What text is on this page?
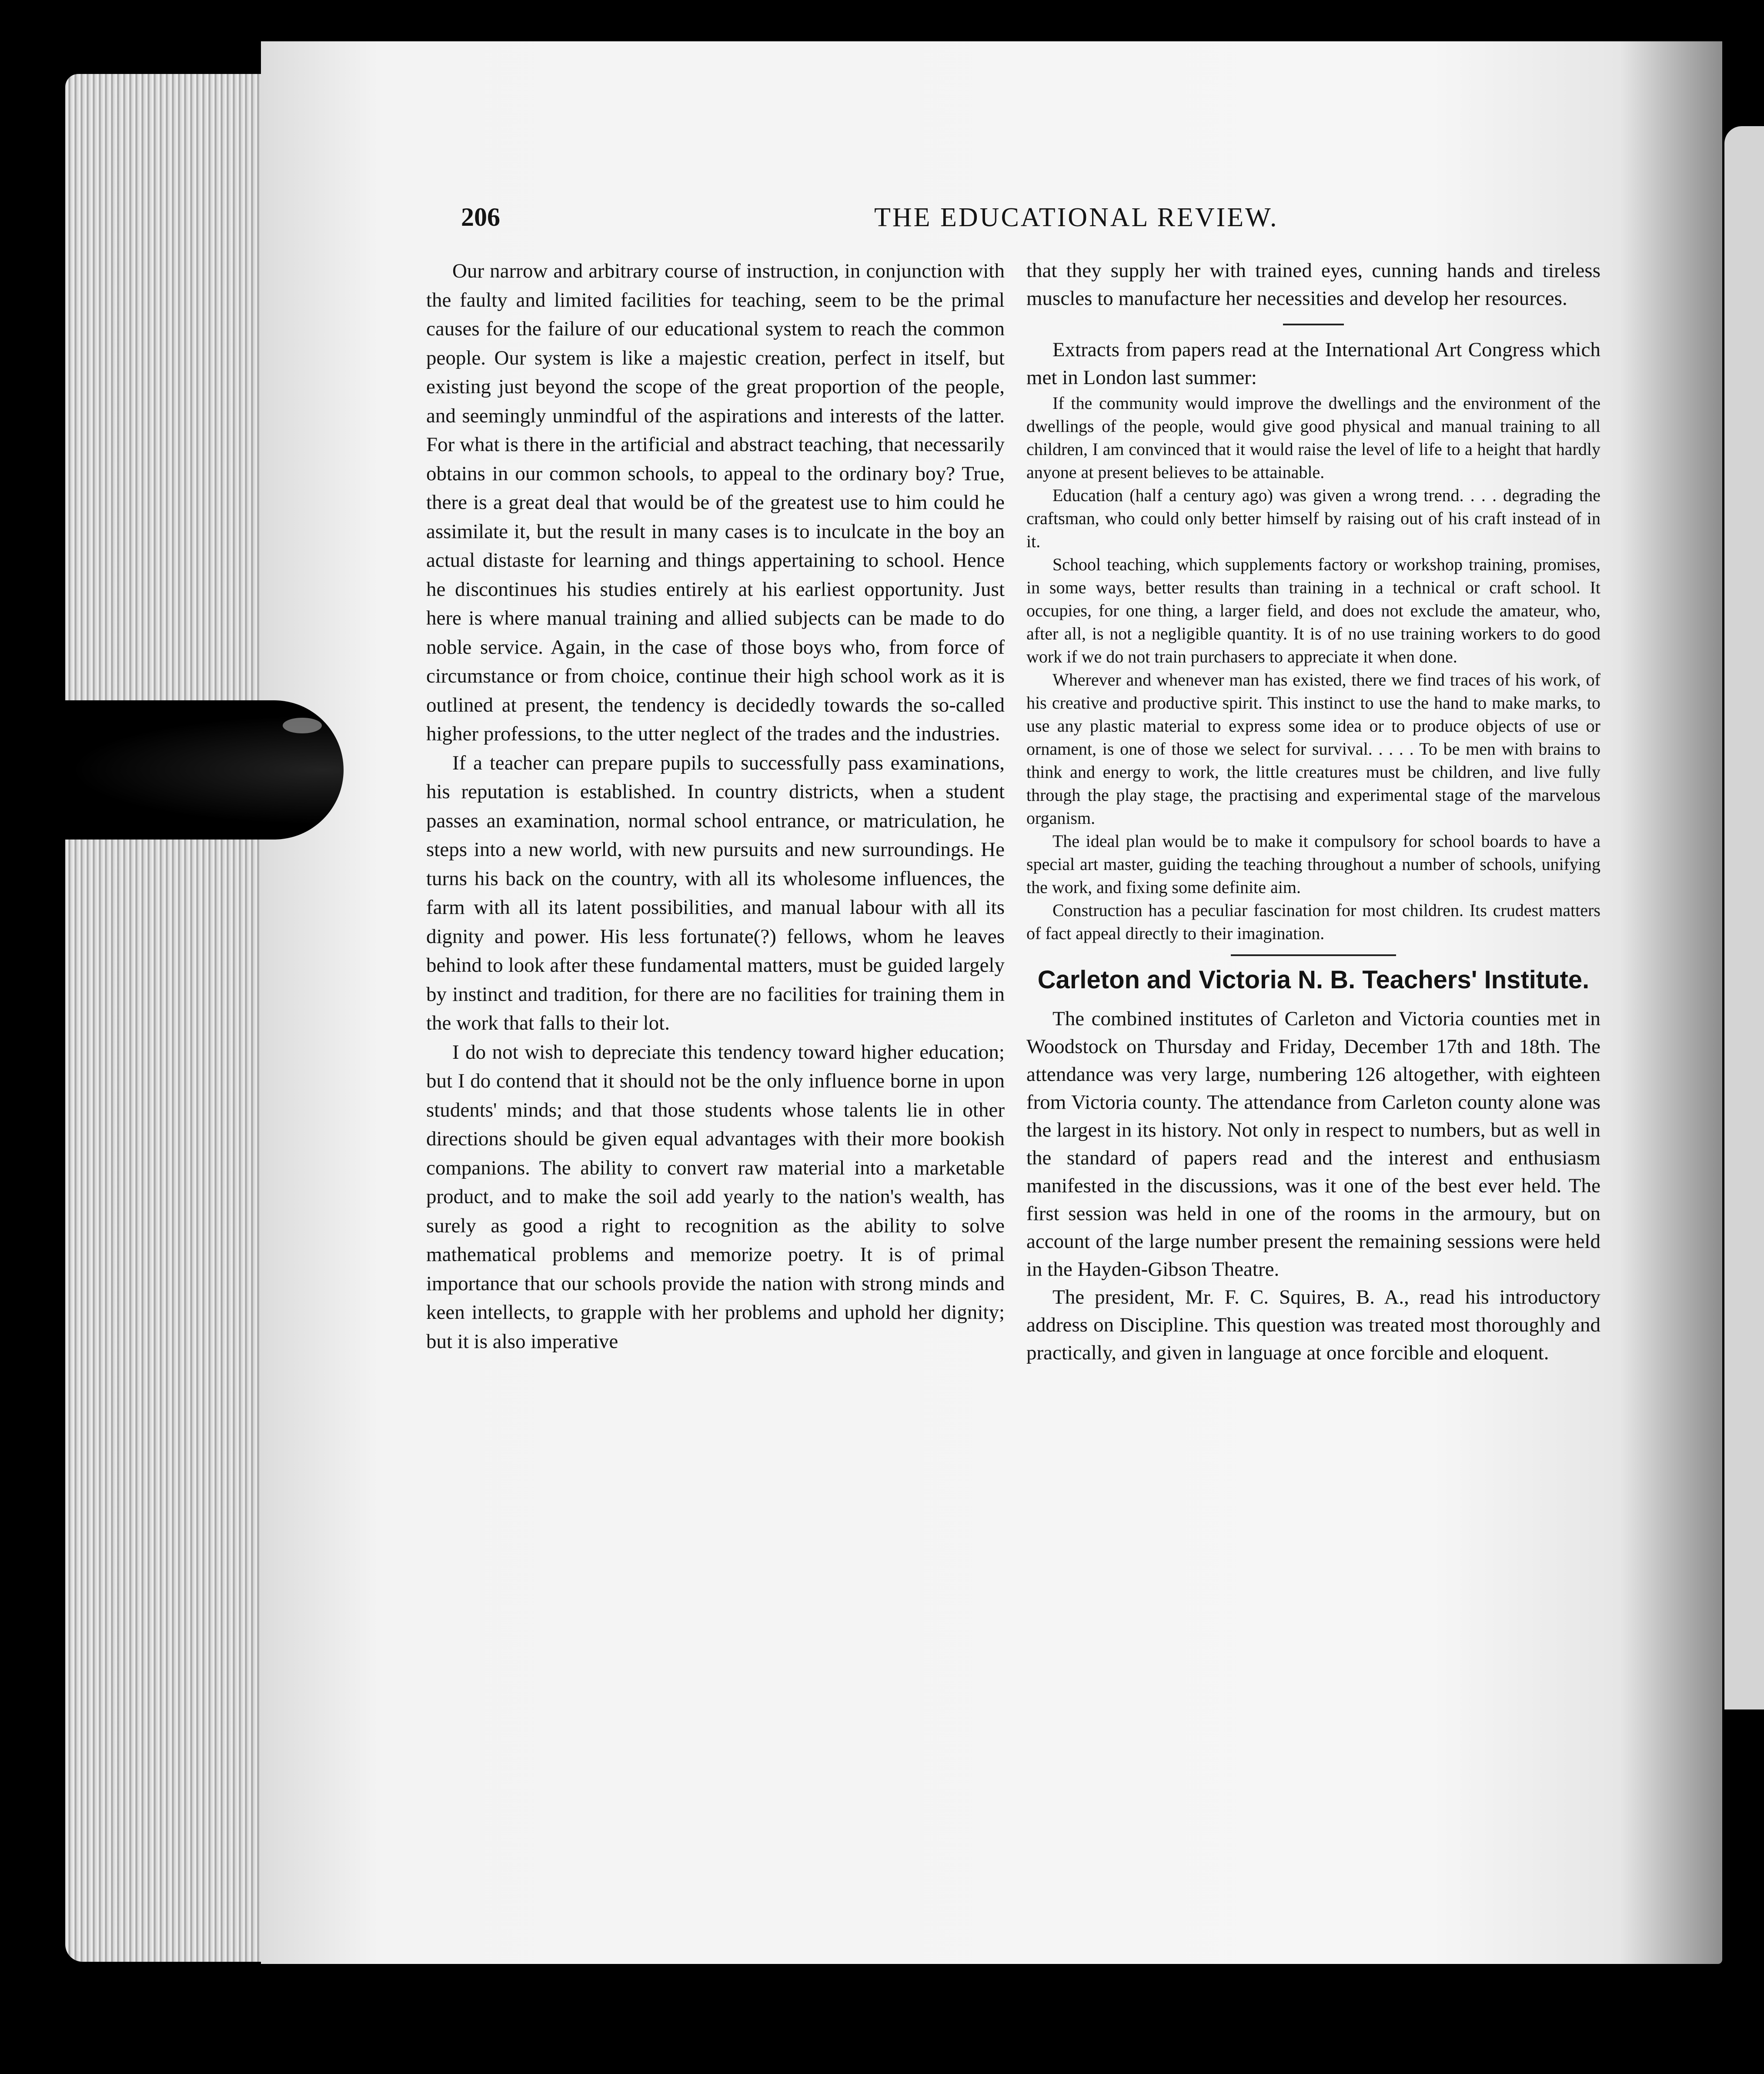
206	THE EDUCATIONAL REVIEW.

Our narrow and arbitrary course of instruction, in conjunction with the faulty and limited facilities for teaching, seem to be the primal causes for the failure of our educational system to reach the common people. Our system is like a majestic creation, perfect in itself, but existing just beyond the scope of the great proportion of the people, and seemingly unmindful of the aspirations and interests of the latter. For what is there in the artificial and abstract teaching, that necessarily obtains in our common schools, to appeal to the ordinary boy? True, there is a great deal that would be of the greatest use to him could he assimilate it, but the result in many cases is to inculcate in the boy an actual distaste for learning and things appertaining to school. Hence he discontinues his studies entirely at his earliest opportunity. Just here is where manual training and allied subjects can be made to do noble service. Again, in the case of those boys who, from force of circumstance or from choice, continue their high school work as it is outlined at present, the tendency is decidedly towards the so-called higher professions, to the utter neglect of the trades and the industries.

If a teacher can prepare pupils to successfully pass examinations, his reputation is established. In country districts, when a student passes an examination, normal school entrance, or matriculation, he steps into a new world, with new pursuits and new surroundings. He turns his back on the country, with all its wholesome influences, the farm with all its latent possibilities, and manual labour with all its dignity and power. His less fortunate(?) fellows, whom he leaves behind to look after these fundamental matters, must be guided largely by instinct and tradition, for there are no facilities for training them in the work that falls to their lot.

I do not wish to depreciate this tendency toward higher education; but I do contend that it should not be the only influence borne in upon students' minds; and that those students whose talents lie in other directions should be given equal advantages with their more bookish companions. The ability to convert raw material into a marketable product, and to make the soil add yearly to the nation's wealth, has surely as good a right to recognition as the ability to solve mathematical problems and memorize poetry. It is of primal importance that our schools provide the nation with strong minds and keen intellects, to grapple with her problems and uphold her dignity; but it is also imperative

that they supply her with trained eyes, cunning hands and tireless muscles to manufacture her necessities and develop her resources.

Extracts from papers read at the International Art Congress which met in London last summer:

If the community would improve the dwellings and the environment of the dwellings of the people, would give good physical and manual training to all children, I am convinced that it would raise the level of life to a height that hardly anyone at present believes to be attainable.

Education (half a century ago) was given a wrong trend. . . . degrading the craftsman, who could only better himself by raising out of his craft instead of in it.

School teaching, which supplements factory or workshop training, promises, in some ways, better results than training in a technical or craft school. It occupies, for one thing, a larger field, and does not exclude the amateur, who, after all, is not a negligible quantity. It is of no use training workers to do good work if we do not train purchasers to appreciate it when done.

Wherever and whenever man has existed, there we find traces of his work, of his creative and productive spirit. This instinct to use the hand to make marks, to use any plastic material to express some idea or to produce objects of use or ornament, is one of those we select for survival. . . . . To be men with brains to think and energy to work, the little creatures must be children, and live fully through the play stage, the practising and experimental stage of the marvelous organism.

The ideal plan would be to make it compulsory for school boards to have a special art master, guiding the teaching throughout a number of schools, unifying the work, and fixing some definite aim.

Construction has a peculiar fascination for most children. Its crudest matters of fact appeal directly to their imagination.

Carleton and Victoria N. B. Teachers' Institute.

The combined institutes of Carleton and Victoria counties met in Woodstock on Thursday and Friday, December 17th and 18th. The attendance was very large, numbering 126 altogether, with eighteen from Victoria county. The attendance from Carleton county alone was the largest in its history. Not only in respect to numbers, but as well in the standard of papers read and the interest and enthusiasm manifested in the discussions, was it one of the best ever held. The first session was held in one of the rooms in the armoury, but on account of the large number present the remaining sessions were held in the Hayden-Gibson Theatre.

The president, Mr. F. C. Squires, B. A., read his introductory address on Discipline. This question was treated most thoroughly and practically, and given in language at once forcible and eloquent.
